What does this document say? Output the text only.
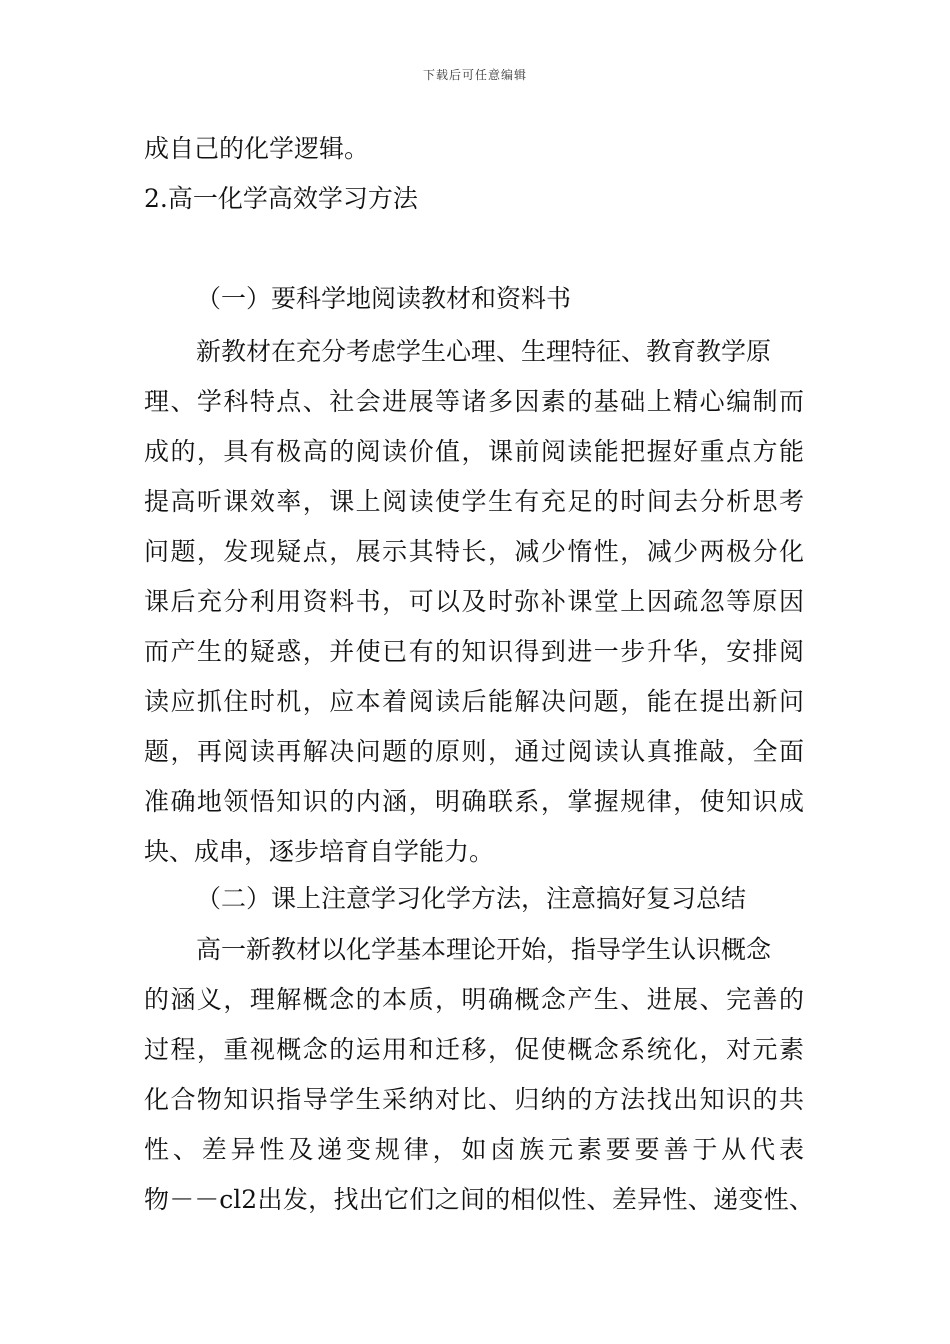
下载后可任意编辑
成自己的化学逻辑。
2.高一化学高效学习方法
（一）要科学地阅读教材和资料书
新教材在充分考虑学生心理、生理特征、教育教学原
理、学科特点、社会进展等诸多因素的基础上精心编制而
成的，具有极高的阅读价值，课前阅读能把握好重点方能
提高听课效率，课上阅读使学生有充足的时间去分析思考
问题，发现疑点，展示其特长，减少惰性，减少两极分化
课后充分利用资料书，可以及时弥补课堂上因疏忽等原因
而产生的疑惑，并使已有的知识得到进一步升华，安排阅
读应抓住时机，应本着阅读后能解决问题，能在提出新问
题，再阅读再解决问题的原则，通过阅读认真推敲，全面
准确地领悟知识的内涵，明确联系，掌握规律，使知识成
块、成串，逐步培育自学能力。
（二）课上注意学习化学方法，注意搞好复习总结
高一新教材以化学基本理论开始，指导学生认识概念
的涵义，理解概念的本质，明确概念产生、进展、完善的
过程，重视概念的运用和迁移，促使概念系统化，对元素
化合物知识指导学生采纳对比、归纳的方法找出知识的共
性、差异性及递变规律，如卤族元素要要善于从代表
物－－cl2出发，找出它们之间的相似性、差异性、递变性、
